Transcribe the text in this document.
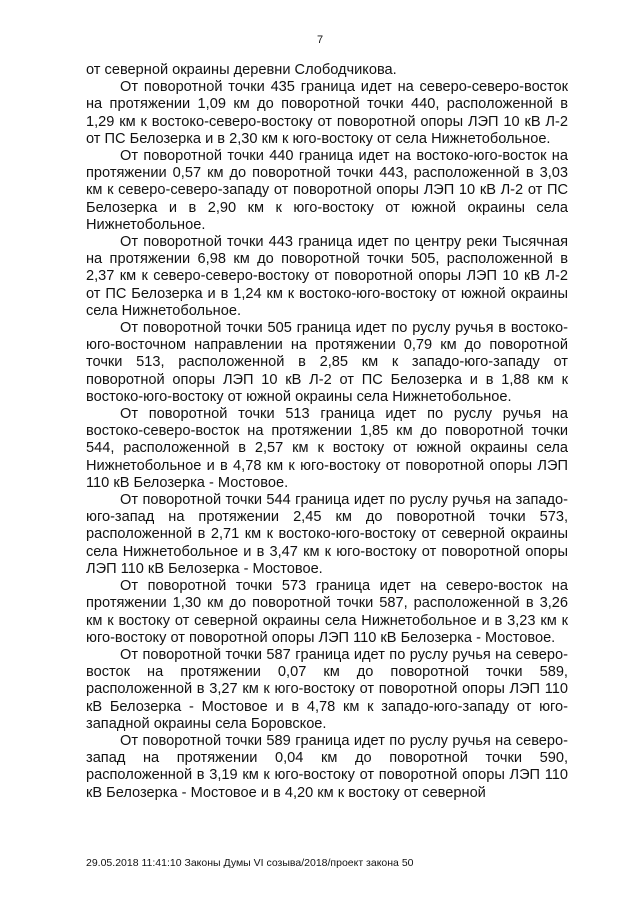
7

от северной окраины деревни Слободчикова.

От поворотной точки 435 граница идет на северо-северо-восток на протяжении 1,09 км до поворотной точки 440, расположенной в 1,29 км к востоко-северо-востоку от поворотной опоры ЛЭП 10 кВ Л-2 от ПС Белозерка и в 2,30 км к юго-востоку от села Нижнетобольное.

От поворотной точки 440 граница идет на востоко-юго-восток на протяжении 0,57 км до поворотной точки 443, расположенной в 3,03 км к северо-северо-западу от поворотной опоры ЛЭП 10 кВ Л-2 от ПС Белозерка и в 2,90 км к юго-востоку от южной окраины села Нижнетобольное.

От поворотной точки 443 граница идет по центру реки Тысячная на протяжении 6,98 км до поворотной точки 505, расположенной в 2,37 км к северо-северо-востоку от поворотной опоры ЛЭП 10 кВ Л-2 от ПС Белозерка и в 1,24 км к востоко-юго-востоку от южной окраины села Нижнетобольное.

От поворотной точки 505 граница идет по руслу ручья в востоко-юго-восточном направлении на протяжении 0,79 км до поворотной точки 513, расположенной в 2,85 км к западо-юго-западу от поворотной опоры ЛЭП 10 кВ Л-2 от ПС Белозерка и в 1,88 км к востоко-юго-востоку от южной окраины села Нижнетобольное.

От поворотной точки 513 граница идет по руслу ручья на востоко-северо-восток на протяжении 1,85 км до поворотной точки 544, расположенной в 2,57 км к востоку от южной окраины села Нижнетобольное и в 4,78 км к юго-востоку от поворотной опоры ЛЭП 110 кВ Белозерка - Мостовое.

От поворотной точки 544 граница идет по руслу ручья на западо-юго-запад на протяжении 2,45 км до поворотной точки 573, расположенной в 2,71 км к востоко-юго-востоку от северной окраины села Нижнетобольное и в 3,47 км к юго-востоку от поворотной опоры ЛЭП 110 кВ Белозерка - Мостовое.

От поворотной точки 573 граница идет на северо-восток на протяжении 1,30 км до поворотной точки 587, расположенной в 3,26 км к востоку от северной окраины села Нижнетобольное и в 3,23 км к юго-востоку от поворотной опоры ЛЭП 110 кВ Белозерка - Мостовое.

От поворотной точки 587 граница идет по руслу ручья на северо-восток на протяжении 0,07 км до поворотной точки 589, расположенной в 3,27 км к юго-востоку от поворотной опоры ЛЭП 110 кВ Белозерка - Мостовое и в 4,78 км к западо-юго-западу от юго-западной окраины села Боровское.

От поворотной точки 589 граница идет по руслу ручья на северо-запад на протяжении 0,04 км до поворотной точки 590, расположенной в 3,19 км к юго-востоку от поворотной опоры ЛЭП 110 кВ Белозерка - Мостовое и в 4,20 км к востоку от северной

29.05.2018 11:41:10 Законы Думы VI созыва/2018/проект закона 50
